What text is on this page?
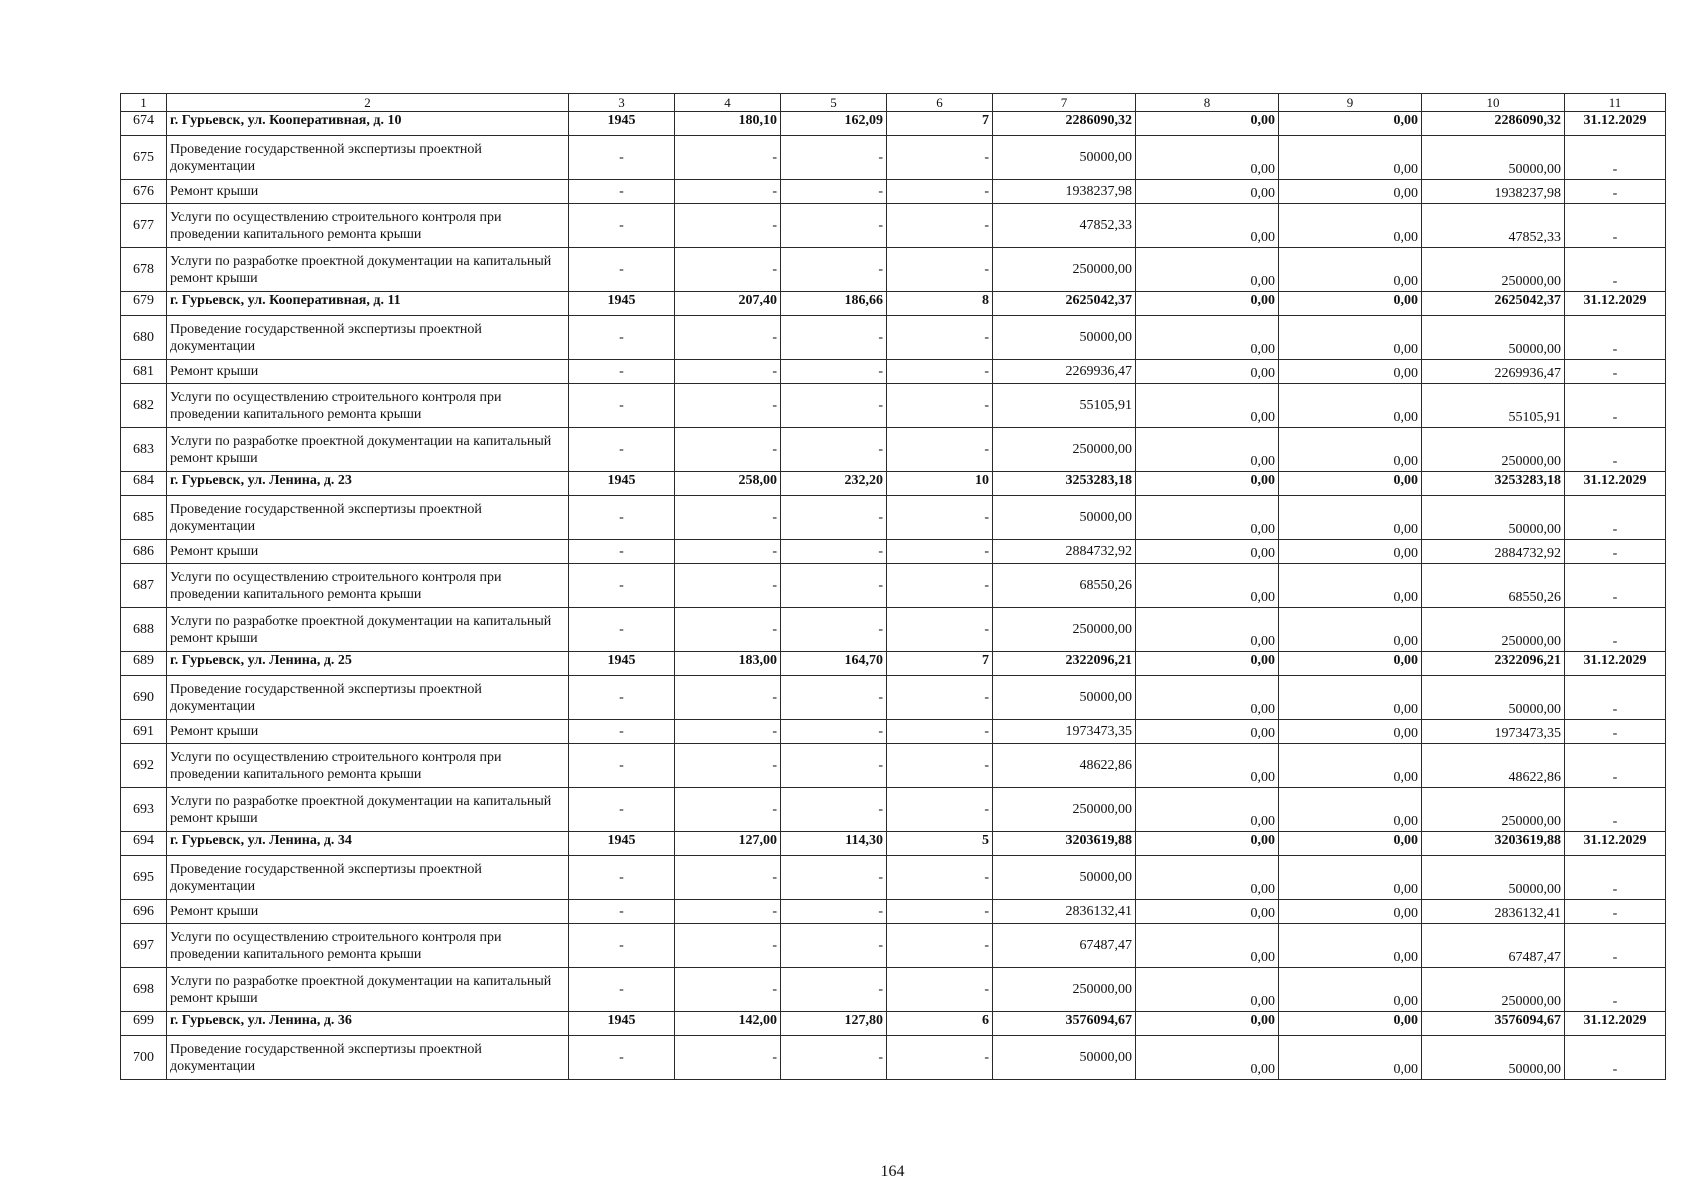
1	2	3	4	5	6	7	8	9	10	11
674	г. Гурьевск, ул. Кооперативная, д. 10	1945	180,10	162,09	7	2286090,32	0,00	0,00	2286090,32	31.12.2029
675	Проведение государственной экспертизы проектной документации	-	-	-	-	50000,00	0,00	0,00	50000,00	-
676	Ремонт крыши	-	-	-	-	1938237,98	0,00	0,00	1938237,98	-
677	Услуги по осуществлению строительного контроля при проведении капитального ремонта крыши	-	-	-	-	47852,33	0,00	0,00	47852,33	-
678	Услуги по разработке проектной документации на капитальный ремонт крыши	-	-	-	-	250000,00	0,00	0,00	250000,00	-
679	г. Гурьевск, ул. Кооперативная, д. 11	1945	207,40	186,66	8	2625042,37	0,00	0,00	2625042,37	31.12.2029
680	Проведение государственной экспертизы проектной документации	-	-	-	-	50000,00	0,00	0,00	50000,00	-
681	Ремонт крыши	-	-	-	-	2269936,47	0,00	0,00	2269936,47	-
682	Услуги по осуществлению строительного контроля при проведении капитального ремонта крыши	-	-	-	-	55105,91	0,00	0,00	55105,91	-
683	Услуги по разработке проектной документации на капитальный ремонт крыши	-	-	-	-	250000,00	0,00	0,00	250000,00	-
684	г. Гурьевск, ул. Ленина, д. 23	1945	258,00	232,20	10	3253283,18	0,00	0,00	3253283,18	31.12.2029
685	Проведение государственной экспертизы проектной документации	-	-	-	-	50000,00	0,00	0,00	50000,00	-
686	Ремонт крыши	-	-	-	-	2884732,92	0,00	0,00	2884732,92	-
687	Услуги по осуществлению строительного контроля при проведении капитального ремонта крыши	-	-	-	-	68550,26	0,00	0,00	68550,26	-
688	Услуги по разработке проектной документации на капитальный ремонт крыши	-	-	-	-	250000,00	0,00	0,00	250000,00	-
689	г. Гурьевск, ул. Ленина, д. 25	1945	183,00	164,70	7	2322096,21	0,00	0,00	2322096,21	31.12.2029
690	Проведение государственной экспертизы проектной документации	-	-	-	-	50000,00	0,00	0,00	50000,00	-
691	Ремонт крыши	-	-	-	-	1973473,35	0,00	0,00	1973473,35	-
692	Услуги по осуществлению строительного контроля при проведении капитального ремонта крыши	-	-	-	-	48622,86	0,00	0,00	48622,86	-
693	Услуги по разработке проектной документации на капитальный ремонт крыши	-	-	-	-	250000,00	0,00	0,00	250000,00	-
694	г. Гурьевск, ул. Ленина, д. 34	1945	127,00	114,30	5	3203619,88	0,00	0,00	3203619,88	31.12.2029
695	Проведение государственной экспертизы проектной документации	-	-	-	-	50000,00	0,00	0,00	50000,00	-
696	Ремонт крыши	-	-	-	-	2836132,41	0,00	0,00	2836132,41	-
697	Услуги по осуществлению строительного контроля при проведении капитального ремонта крыши	-	-	-	-	67487,47	0,00	0,00	67487,47	-
698	Услуги по разработке проектной документации на капитальный ремонт крыши	-	-	-	-	250000,00	0,00	0,00	250000,00	-
699	г. Гурьевск, ул. Ленина, д. 36	1945	142,00	127,80	6	3576094,67	0,00	0,00	3576094,67	31.12.2029
700	Проведение государственной экспертизы проектной документации	-	-	-	-	50000,00	0,00	0,00	50000,00	-
164
